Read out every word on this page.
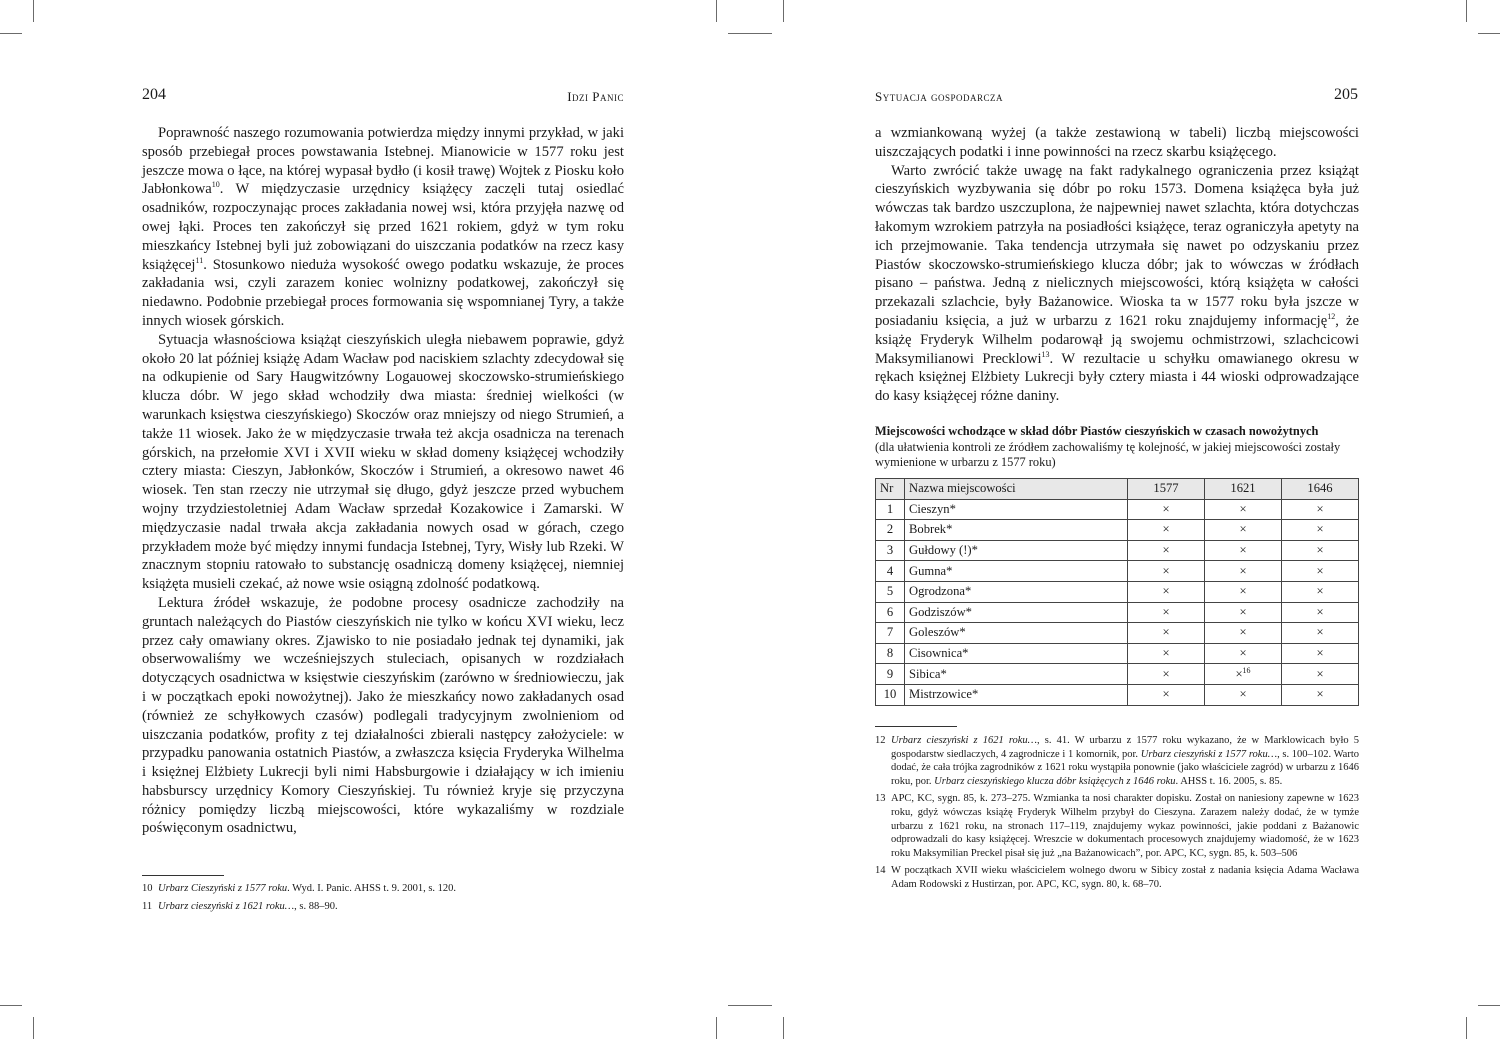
204	Idzi Panic

Poprawność naszego rozumowania potwierdza między innymi przykład, w jaki sposób przebiegał proces powstawania Istebnej. Mianowicie w 1577 roku jest jeszcze mowa o łące, na której wypasał bydło (i kosił trawę) Wojtek z Piosku koło Jabłonkowa$^{10}$. W międzyczasie urzędnicy książęcy zaczęli tutaj osiedlać osadników, rozpoczynając proces zakładania nowej wsi, która przyjęła nazwę od owej łąki. Proces ten zakończył się przed 1621 rokiem, gdyż w tym roku mieszkańcy Istebnej byli już zobowiązani do uiszczania podatków na rzecz kasy książęcej$^{11}$. Stosunkowo nieduża wysokość owego podatku wskazuje, że proces zakładania wsi, czyli zarazem koniec wolnizny podatkowej, zakończył się niedawno. Podobnie przebiegał proces formowania się wspomnianej Tyry, a także innych wiosek górskich.

Sytuacja własnościowa książąt cieszyńskich uległa niebawem poprawie, gdyż około 20 lat później książę Adam Wacław pod naciskiem szlachty zdecydował się na odkupienie od Sary Haugwitzówny Logauowej skoczowsko-strumieńskiego klucza dóbr. W jego skład wchodziły dwa miasta: średniej wielkości (w warunkach księstwa cieszyńskiego) Skoczów oraz mniejszy od niego Strumień, a także 11 wiosek. Jako że w międzyczasie trwała też akcja osadnicza na terenach górskich, na przełomie XVI i XVII wieku w skład domeny książęcej wchodziły cztery miasta: Cieszyn, Jabłonków, Skoczów i Strumień, a okresowo nawet 46 wiosek. Ten stan rzeczy nie utrzymał się długo, gdyż jeszcze przed wybuchem wojny trzydziestoletniej Adam Wacław sprzedał Kozakowice i Zamarski. W międzyczasie nadal trwała akcja zakładania nowych osad w górach, czego przykładem może być między innymi fundacja Istebnej, Tyry, Wisły lub Rzeki. W znacznym stopniu ratowało to substancję osadniczą domeny książęcej, niemniej książęta musieli czekać, aż nowe wsie osiągną zdolność podatkową.

Lektura źródeł wskazuje, że podobne procesy osadnicze zachodziły na gruntach należących do Piastów cieszyńskich nie tylko w końcu XVI wieku, lecz przez cały omawiany okres. Zjawisko to nie posiadało jednak tej dynamiki, jak obserwowaliśmy we wcześniejszych stuleciach, opisanych w rozdziałach dotyczących osadnictwa w księstwie cieszyńskim (zarówno w średniowieczu, jak i w początkach epoki nowożytnej). Jako że mieszkańcy nowo zakładanych osad (również ze schyłkowych czasów) podlegali tradycyjnym zwolnieniom od uiszczania podatków, profity z tej działalności zbierali następcy założyciele: w przypadku panowania ostatnich Piastów, a zwłaszcza księcia Fryderyka Wilhelma i księżnej Elżbiety Lukrecji byli nimi Habsburgowie i działający w ich imieniu habsburscy urzędnicy Komory Cieszyńskiej. Tu również kryje się przyczyna różnicy pomiędzy liczbą miejscowości, które wykazaliśmy w rozdziale poświęconym osadnictwu,

10 Urbarz Cieszyński z 1577 roku. Wyd. I. Panic. AHSS t. 9. 2001, s. 120.
11 Urbarz cieszyński z 1621 roku…, s. 88–90.
Sytuacja gospodarcza	205

a wzmiankowaną wyżej (a także zestawioną w tabeli) liczbą miejscowości uiszczających podatki i inne powinności na rzecz skarbu książęcego.

Warto zwrócić także uwagę na fakt radykalnego ograniczenia przez książąt cieszyńskich wyzbywania się dóbr po roku 1573. Domena książęca była już wówczas tak bardzo uszczuplona, że najpewniej nawet szlachta, która dotychczas łakomym wzrokiem patrzyła na posiadłości książęce, teraz ograniczyła apetyty na ich przejmowanie. Taka tendencja utrzymała się nawet po odzyskaniu przez Piastów skoczowsko-strumieńskiego klucza dóbr; jak to wówczas w źródłach pisano – państwa. Jedną z nielicznych miejscowości, którą książęta w całości przekazali szlachcie, były Bażanowice. Wioska ta w 1577 roku była jszcze w posiadaniu księcia, a już w urbarzu z 1621 roku znajdujemy informację$^{12}$, że książę Fryderyk Wilhelm podarowął ją swojemu ochmistrzowi, szlachcicowi Maksymilianowi Precklowi$^{13}$. W rezultacie u schyłku omawianego okresu w rękach księżnej Elżbiety Lukrecji były cztery miasta i 44 wioski odprowadzające do kasy książęcej różne daniny.

Miejscowości wchodzące w skład dóbr Piastów cieszyńskich w czasach nowożytnych
(dla ułatwienia kontroli ze źródłem zachowaliśmy tę kolejność, w jakiej miejscowości zostały wymienione w urbarzu z 1577 roku)
Nr	Nazwa miejscowości	1577	1621	1646
1	Cieszyn*	×	×	×
2	Bobrek*	×	×	×
3	Gułdowy (!)*	×	×	×
4	Gumna*	×	×	×
5	Ogrodzona*	×	×	×
6	Godziszów*	×	×	×
7	Goleszów*	×	×	×
8	Cisownica*	×	×	×
9	Sibica*	×	×$^{16}$	×
10	Mistrzowice*	×	×	×
12 Urbarz cieszyński z 1621 roku…, s. 41. W urbarzu z 1577 roku wykazano, że w Marklowicach było 5 gospodarstw siedlaczych, 4 zagrodnicze i 1 komornik, por. Urbarz cieszyński z 1577 roku…, s. 100–102. Warto dodać, że cała trójka zagrodników z 1621 roku wystąpiła ponownie (jako właściciele zagród) w urbarzu z 1646 roku, por. Urbarz cieszyńskiego klucza dóbr książęcych z 1646 roku. AHSS t. 16. 2005, s. 85.
13 APC, KC, sygn. 85, k. 273–275. Wzmianka ta nosi charakter dopisku. Został on naniesiony zapewne w 1623 roku, gdyż wówczas książę Fryderyk Wilhelm przybył do Cieszyna. Zarazem należy dodać, że w tymże urbarzu z 1621 roku, na stronach 117–119, znajdujemy wykaz powinności, jakie poddani z Bażanowic odprowadzali do kasy książęcej. Wreszcie w dokumentach procesowych znajdujemy wiadomość, że w 1623 roku Maksymilian Preckel pisał się już „na Bażanowicach”, por. APC, KC, sygn. 85, k. 503–506
14 W początkach XVII wieku właścicielem wolnego dworu w Sibicy został z nadania księcia Adama Wacława Adam Rodowski z Hustirzan, por. APC, KC, sygn. 80, k. 68–70.
